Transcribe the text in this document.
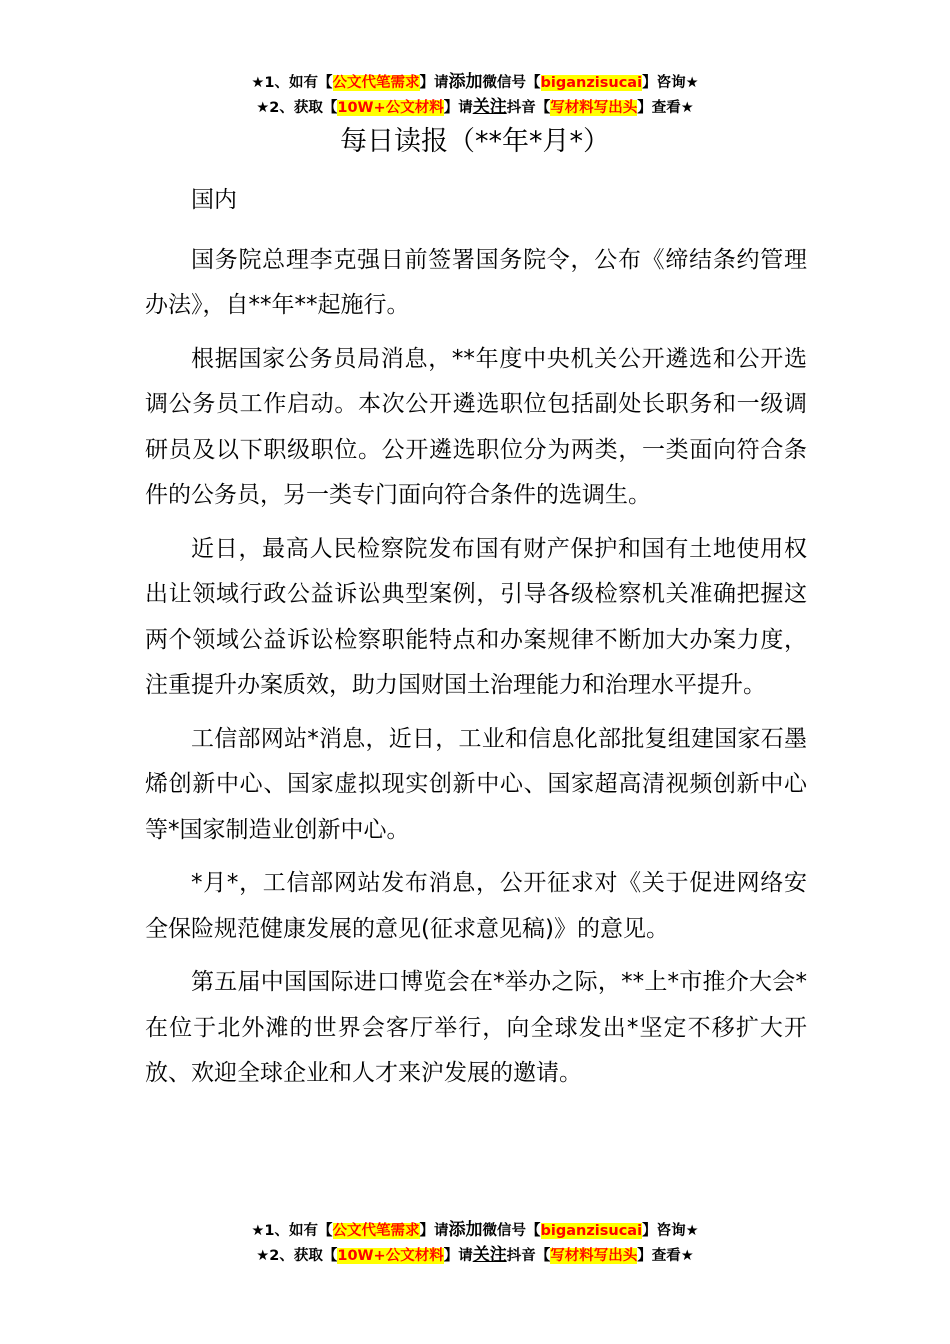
★1、如有【公文代笔需求】请添加微信号【biganzisucai】咨询★
★2、获取【10W+公文材料】请关注抖音【写材料写出头】查看★
每日读报（**年*月*）

国内

国务院总理李克强日前签署国务院令，公布《缔结条约管理办法》，自**年**起施行。

根据国家公务员局消息，**年度中央机关公开遴选和公开选调公务员工作启动。本次公开遴选职位包括副处长职务和一级调研员及以下职级职位。公开遴选职位分为两类，一类面向符合条件的公务员，另一类专门面向符合条件的选调生。

近日，最高人民检察院发布国有财产保护和国有土地使用权出让领域行政公益诉讼典型案例，引导各级检察机关准确把握这两个领域公益诉讼检察职能特点和办案规律不断加大办案力度，注重提升办案质效，助力国财国土治理能力和治理水平提升。

工信部网站*消息，近日，工业和信息化部批复组建国家石墨烯创新中心、国家虚拟现实创新中心、国家超高清视频创新中心等*国家制造业创新中心。

*月*，工信部网站发布消息，公开征求对《关于促进网络安全保险规范健康发展的意见(征求意见稿)》的意见。

第五届中国国际进口博览会在*举办之际，**上*市推介大会*在位于北外滩的世界会客厅举行，向全球发出*坚定不移扩大开放、欢迎全球企业和人才来沪发展的邀请。

★1、如有【公文代笔需求】请添加微信号【biganzisucai】咨询★
★2、获取【10W+公文材料】请关注抖音【写材料写出头】查看★
